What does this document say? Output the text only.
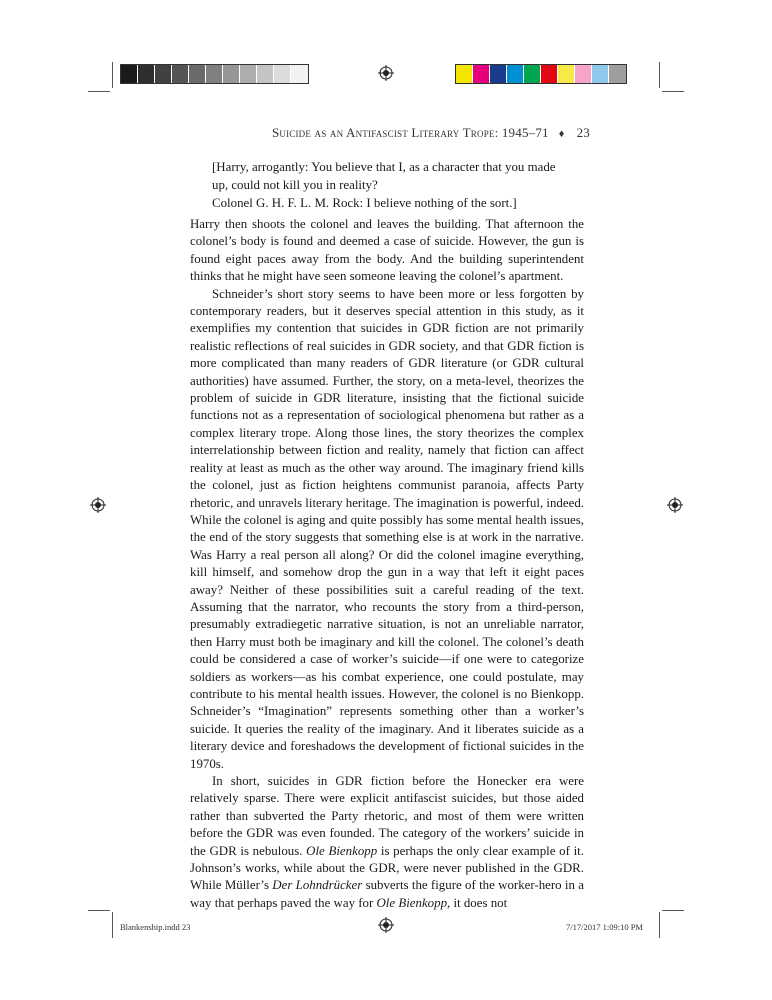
Suicide as an Antifascist Literary Trope: 1945–71 ♦ 23

[Harry, arrogantly: You believe that I, as a character that you made up, could not kill you in reality?

Colonel G. H. F. L. M. Rock: I believe nothing of the sort.]

Harry then shoots the colonel and leaves the building. That afternoon the colonel’s body is found and deemed a case of suicide. However, the gun is found eight paces away from the body. And the building superintendent thinks that he might have seen someone leaving the colonel’s apartment.

Schneider’s short story seems to have been more or less forgotten by contemporary readers, but it deserves special attention in this study, as it exemplifies my contention that suicides in GDR fiction are not primarily realistic reflections of real suicides in GDR society, and that GDR fiction is more complicated than many readers of GDR literature (or GDR cultural authorities) have assumed. Further, the story, on a meta-level, theorizes the problem of suicide in GDR literature, insisting that the fictional suicide functions not as a representation of sociological phenomena but rather as a complex literary trope. Along those lines, the story theorizes the complex interrelationship between fiction and reality, namely that fiction can affect reality at least as much as the other way around. The imaginary friend kills the colonel, just as fiction heightens communist paranoia, affects Party rhetoric, and unravels literary heritage. The imagination is powerful, indeed. While the colonel is aging and quite possibly has some mental health issues, the end of the story suggests that something else is at work in the narrative. Was Harry a real person all along? Or did the colonel imagine everything, kill himself, and somehow drop the gun in a way that left it eight paces away? Neither of these possibilities suit a careful reading of the text. Assuming that the narrator, who recounts the story from a third-person, presumably extradiegetic narrative situation, is not an unreliable narrator, then Harry must both be imaginary and kill the colonel. The colonel’s death could be considered a case of worker’s suicide—if one were to categorize soldiers as workers—as his combat experience, one could postulate, may contribute to his mental health issues. However, the colonel is no Bienkopp. Schneider’s “Imagination” represents something other than a worker’s suicide. It queries the reality of the imaginary. And it liberates suicide as a literary device and foreshadows the development of fictional suicides in the 1970s.

In short, suicides in GDR fiction before the Honecker era were relatively sparse. There were explicit antifascist suicides, but those aided rather than subverted the Party rhetoric, and most of them were written before the GDR was even founded. The category of the workers’ suicide in the GDR is nebulous. Ole Bienkopp is perhaps the only clear example of it. Johnson’s works, while about the GDR, were never published in the GDR. While Müller’s Der Lohndrücker subverts the figure of the worker-hero in a way that perhaps paved the way for Ole Bienkopp, it does not

Blankenship.indd 23	7/17/2017 1:09:10 PM
